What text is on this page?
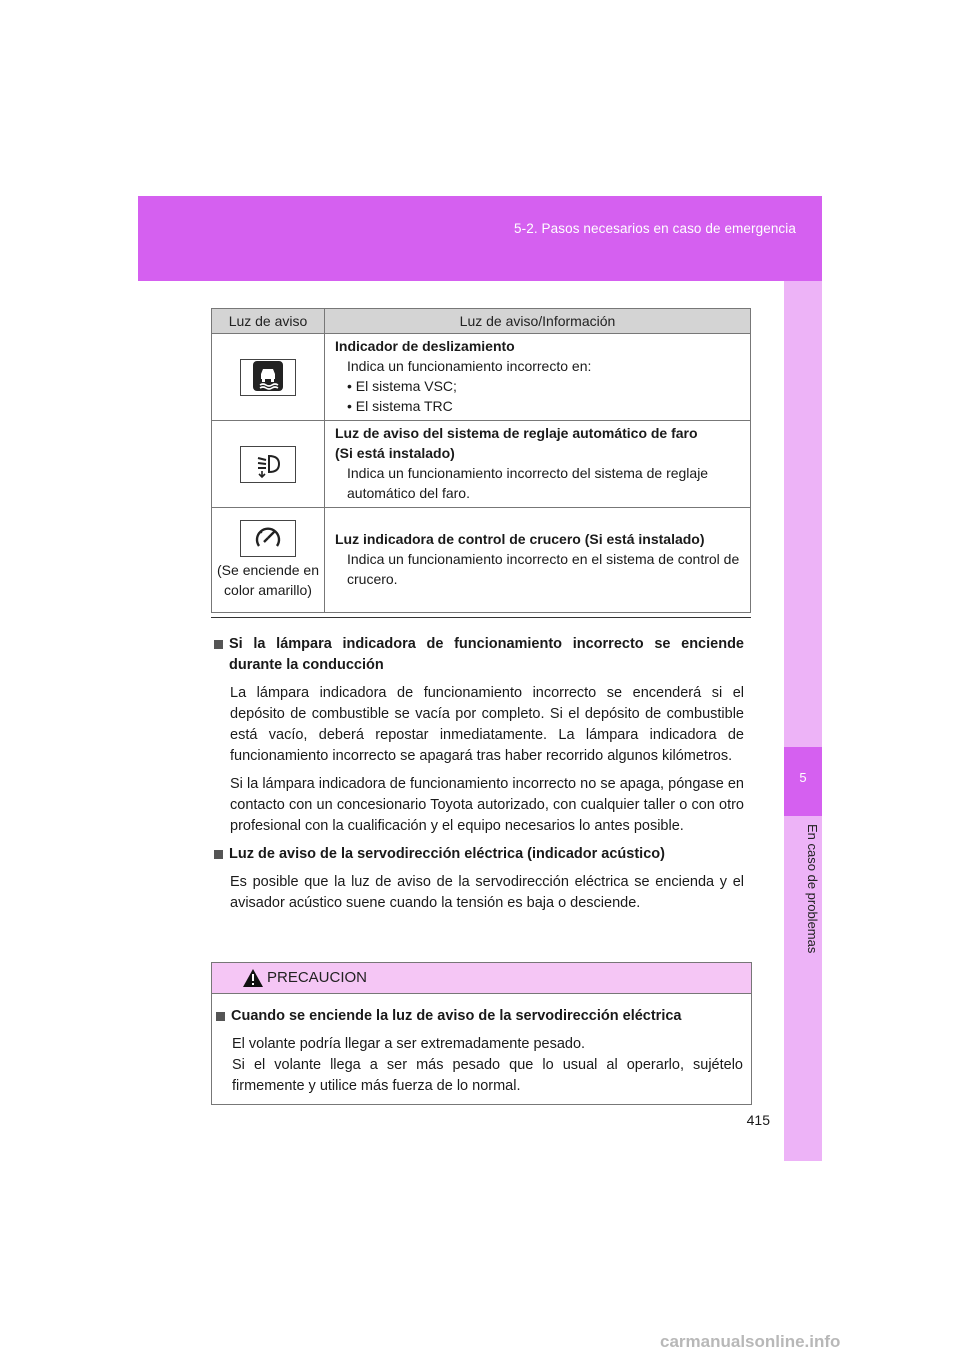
5-2. Pasos necesarios en caso de emergencia
5
En caso de problemas
Luz de aviso	Luz de aviso/Información

Indicador de deslizamiento
Indica un funcionamiento incorrecto en:
• El sistema VSC;
• El sistema TRC

Luz de aviso del sistema de reglaje automático de faro
(Si está instalado)
Indica un funcionamiento incorrecto del sistema de reglaje automático del faro.

(Se enciende en color amarillo)	Luz indicadora de control de crucero (Si está instalado)
Indica un funcionamiento incorrecto en el sistema de control de crucero.
Si la lámpara indicadora de funcionamiento incorrecto se enciende durante la conducción
La lámpara indicadora de funcionamiento incorrecto se encenderá si el depósito de combustible se vacía por completo. Si el depósito de combustible está vacío, deberá repostar inmediatamente. La lámpara indicadora de funcionamiento incorrecto se apagará tras haber recorrido algunos kilómetros.
Si la lámpara indicadora de funcionamiento incorrecto no se apaga, póngase en contacto con un concesionario Toyota autorizado, con cualquier taller o con otro profesional con la cualificación y el equipo necesarios lo antes posible.
Luz de aviso de la servodirección eléctrica (indicador acústico)
Es posible que la luz de aviso de la servodirección eléctrica se encienda y el avisador acústico suene cuando la tensión es baja o desciende.
PRECAUCION
Cuando se enciende la luz de aviso de la servodirección eléctrica
El volante podría llegar a ser extremadamente pesado.
Si el volante llega a ser más pesado que lo usual al operarlo, sujételo firmemente y utilice más fuerza de lo normal.
415
carmanualsonline.info
